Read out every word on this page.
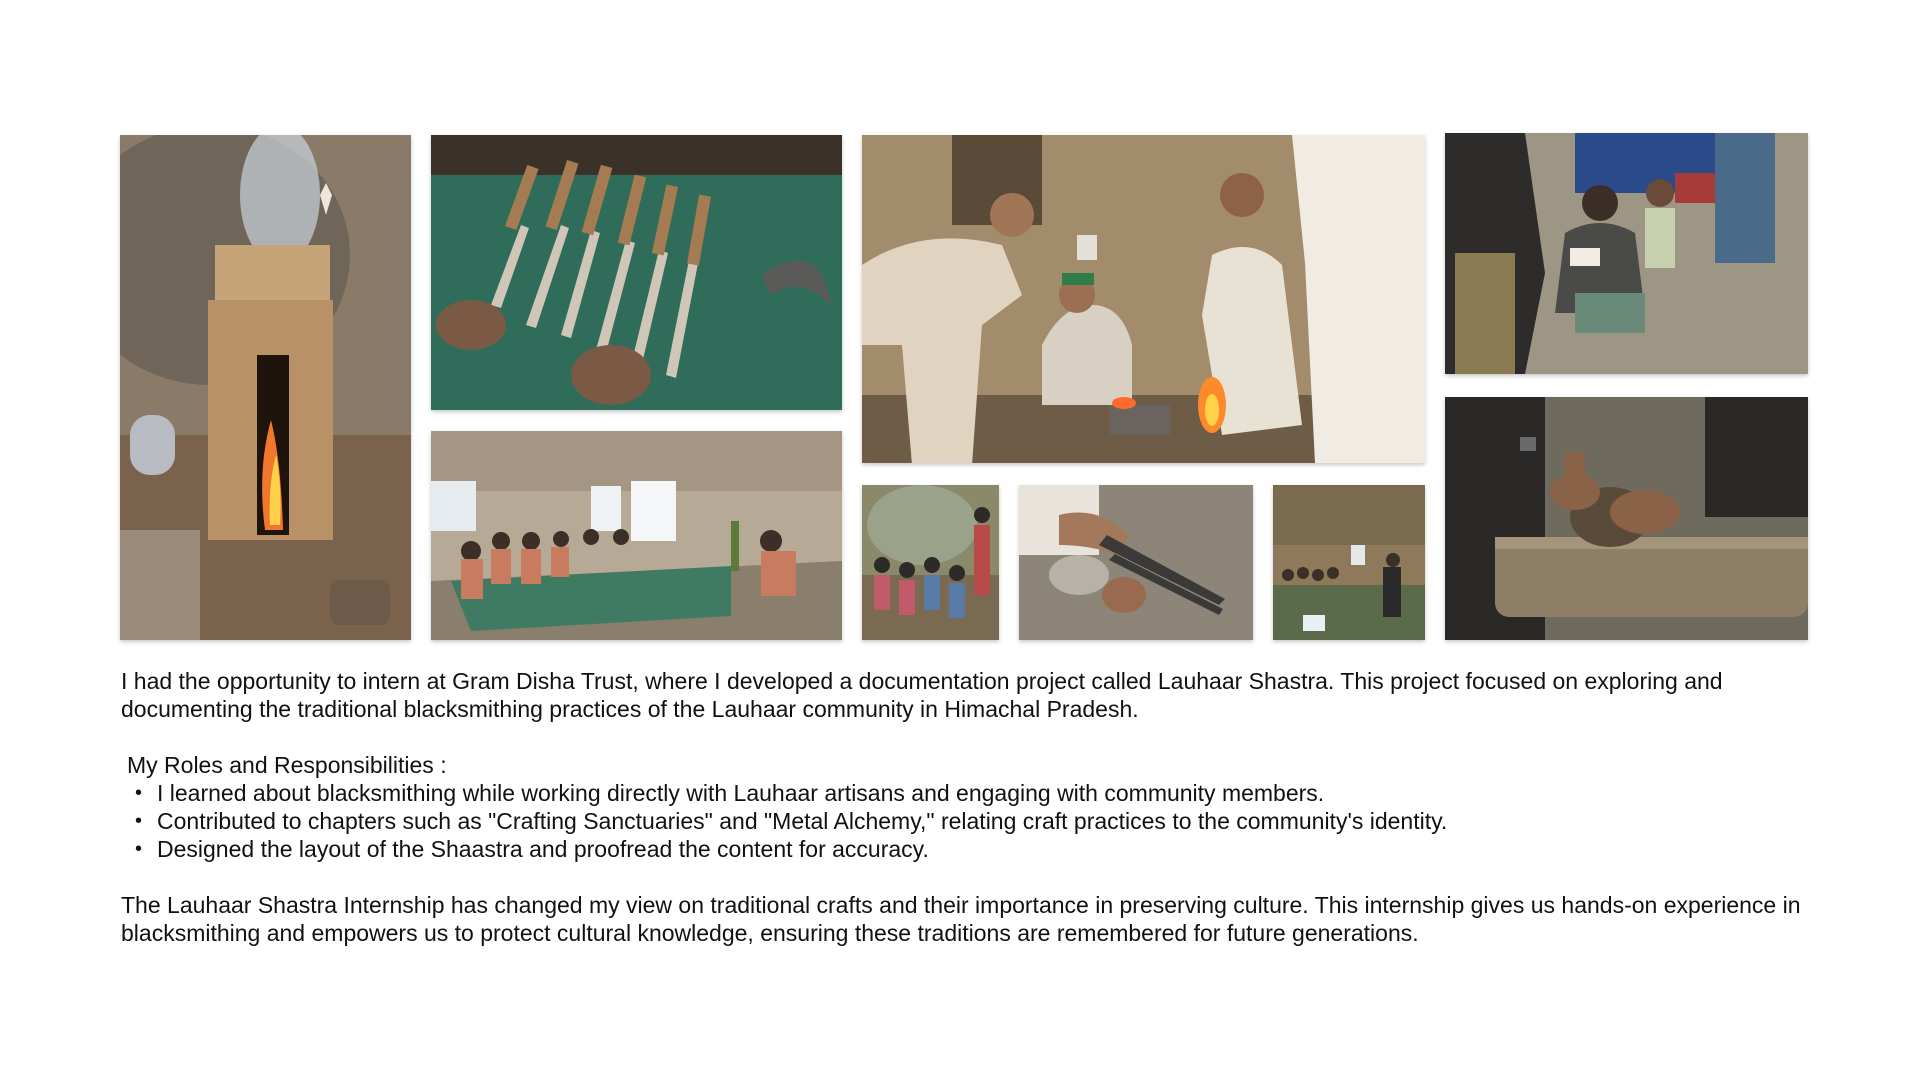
I had the opportunity to intern at Gram Disha Trust, where I developed a documentation project called Lauhaar Shastra. This project focused on exploring and documenting the traditional blacksmithing practices of the Lauhaar community in Himachal Pradesh.

My Roles and Responsibilities :

• I learned about blacksmithing while working directly with Lauhaar artisans and engaging with community members.
• Contributed to chapters such as "Crafting Sanctuaries" and "Metal Alchemy," relating craft practices to the community's identity.
• Designed the layout of the Shaastra and proofread the content for accuracy.

The Lauhaar Shastra Internship has changed my view on traditional crafts and their importance in preserving culture. This internship gives us hands-on experience in blacksmithing and empowers us to protect cultural knowledge, ensuring these traditions are remembered for future generations.
